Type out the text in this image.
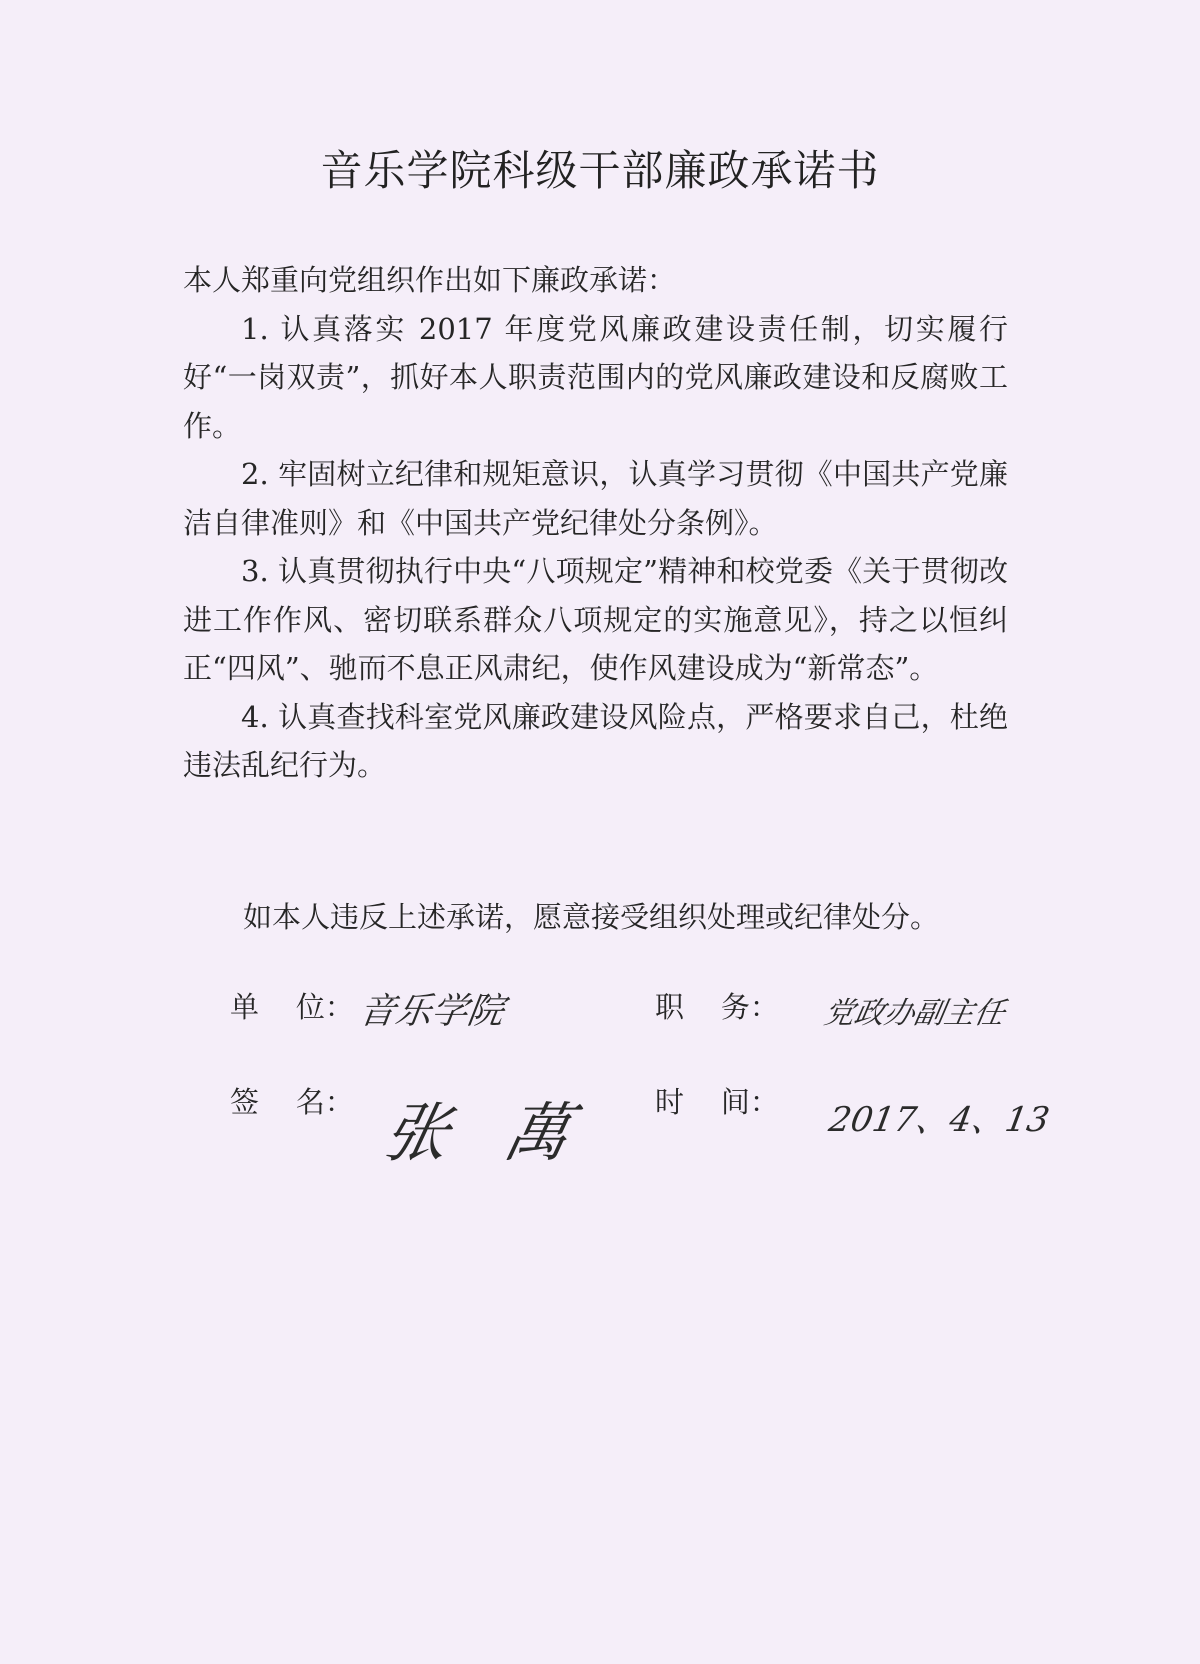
音乐学院科级干部廉政承诺书

本人郑重向党组织作出如下廉政承诺：

1. 认真落实 2017 年度党风廉政建设责任制，切实履行好“一岗双责”，抓好本人职责范围内的党风廉政建设和反腐败工作。

2. 牢固树立纪律和规矩意识，认真学习贯彻《中国共产党廉洁自律准则》和《中国共产党纪律处分条例》。

3. 认真贯彻执行中央“八项规定”精神和校党委《关于贯彻改进工作作风、密切联系群众八项规定的实施意见》，持之以恒纠正“四风”、驰而不息正风肃纪，使作风建设成为“新常态”。

4. 认真查找科室党风廉政建设风险点，严格要求自己，杜绝违法乱纪行为。

如本人违反上述承诺，愿意接受组织处理或纪律处分。
单    位： 音乐学院	职    务： 党政办副主任
签    名： 张 萬 时    间： 2017、4、13
